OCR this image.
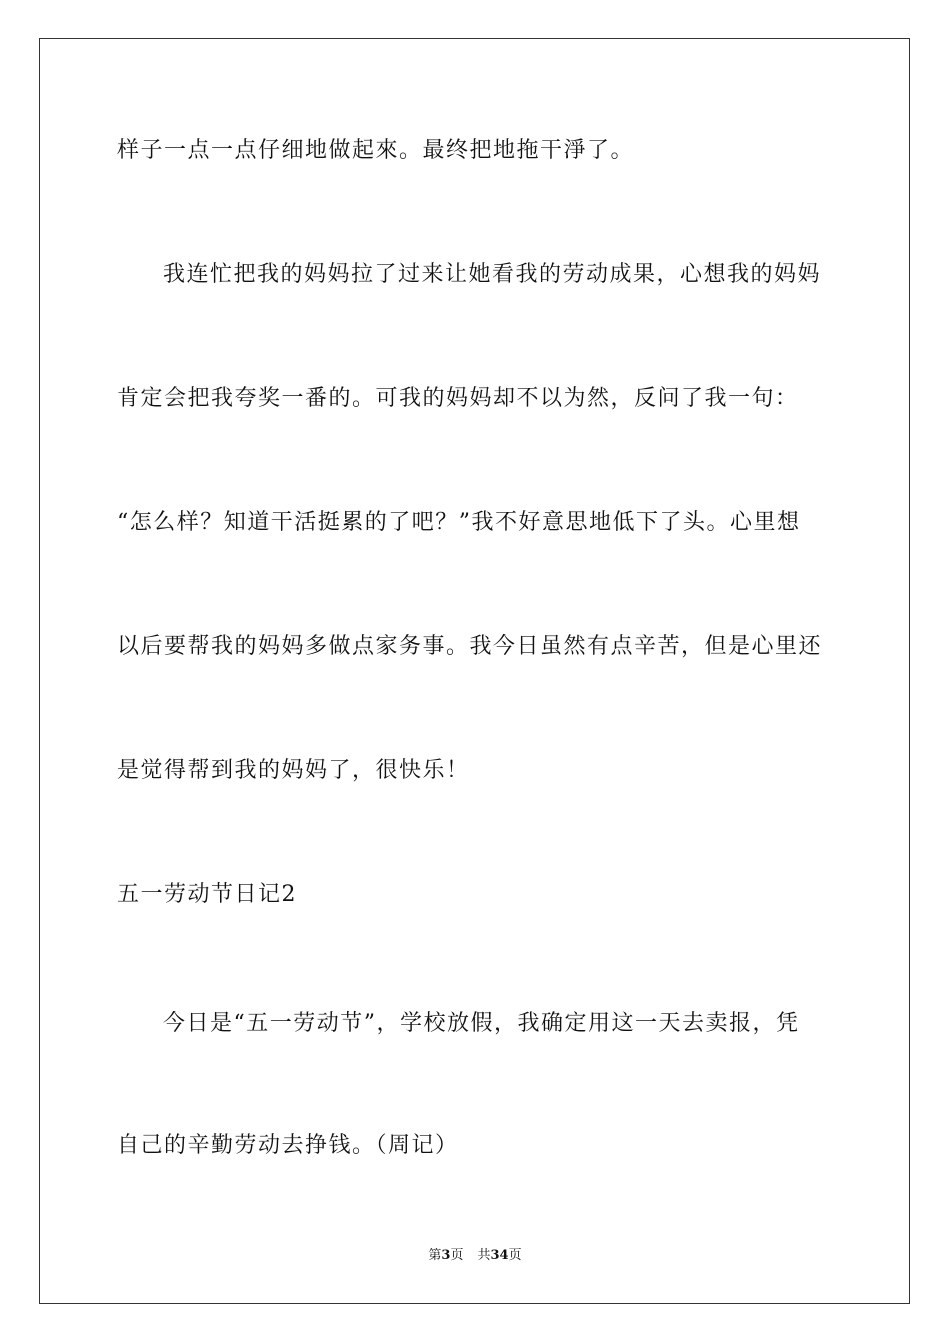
样子一点一点仔细地做起來。最终把地拖干淨了。
我连忙把我的妈妈拉了过来让她看我的劳动成果，心想我的妈妈
肯定会把我夸奖一番的。可我的妈妈却不以为然，反问了我一句：
“怎么样？知道干活挺累的了吧？”我不好意思地低下了头。心里想
以后要帮我的妈妈多做点家务事。我今日虽然有点辛苦，但是心里还
是觉得帮到我的妈妈了，很快乐！
五一劳动节日记2
今日是“五一劳动节”，学校放假，我确定用这一天去卖报，凭
自己的辛勤劳动去挣钱。（周记）
第3页 共34页
